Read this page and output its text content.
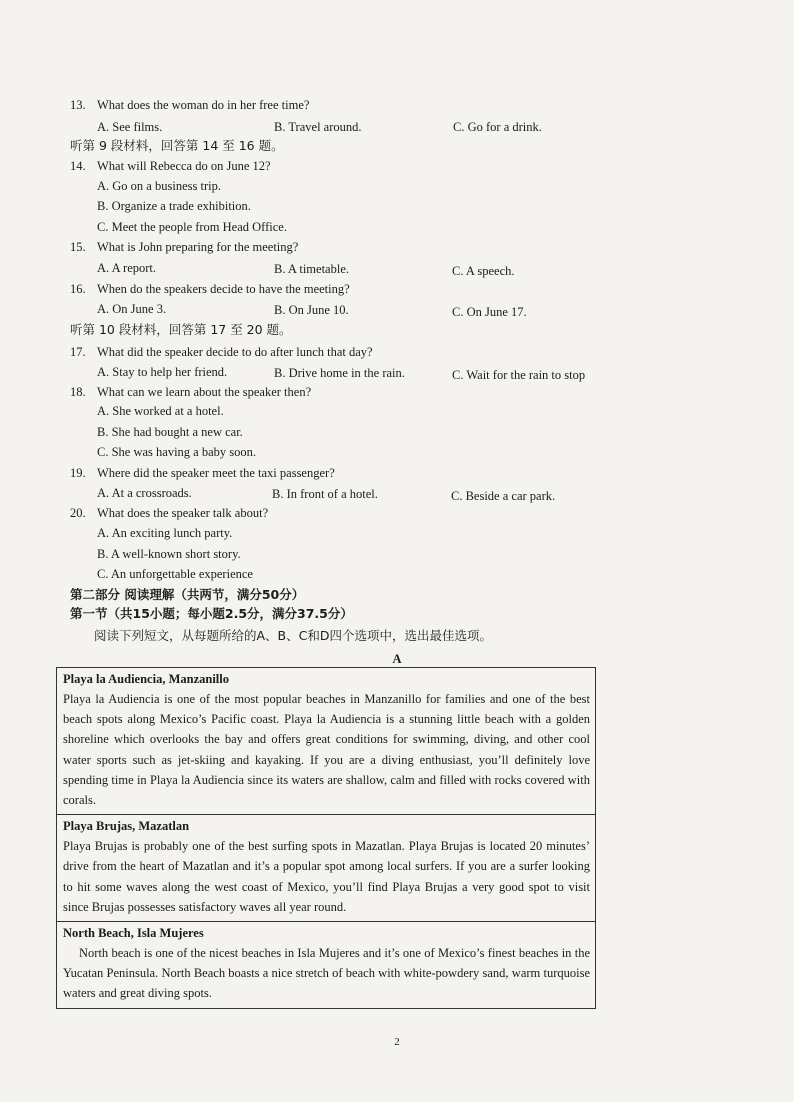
13. What does the woman do in her free time?
A. See films.	B. Travel around.	C. Go for a drink.
听第 9 段材料，回答第 14 至 16 题。
14. What will Rebecca do on June 12?
A. Go on a business trip.
B. Organize a trade exhibition.
C. Meet the people from Head Office.
15. What is John preparing for the meeting?
A. A report.	B. A timetable.	C. A speech.
16. When do the speakers decide to have the meeting?
A. On June 3.	B. On June 10.	C. On June 17.
听第 10 段材料，回答第 17 至 20 题。
17. What did the speaker decide to do after lunch that day?
A. Stay to help her friend.	B. Drive home in the rain.	C. Wait for the rain to stop
18. What can we learn about the speaker then?
A. She worked at a hotel.
B. She had bought a new car.
C. She was having a baby soon.
19. Where did the speaker meet the taxi passenger?
A. At a crossroads.	B. In front of a hotel.	C. Beside a car park.
20. What does the speaker talk about?
A. An exciting lunch party.
B. A well-known short story.
C. An unforgettable experience
第二部分 阅读理解（共两节，满分50分）
第一节（共15小题；每小题2.5分，满分37.5分）
阅读下列短文，从每题所给的A、B、C和D四个选项中，选出最佳选项。
A
Playa la Audiencia, Manzanillo

Playa la Audiencia is one of the most popular beaches in Manzanillo for families and one of the best beach spots along Mexico’s Pacific coast. Playa la Audiencia is a stunning little beach with a golden shoreline which overlooks the bay and offers great conditions for swimming, diving, and other cool water sports such as jet-skiing and kayaking. If you are a diving enthusiast, you’ll definitely love spending time in Playa la Audiencia since its waters are shallow, calm and filled with rocks covered with corals.

Playa Brujas, Mazatlan

Playa Brujas is probably one of the best surfing spots in Mazatlan. Playa Brujas is located 20 minutes’ drive from the heart of Mazatlan and it’s a popular spot among local surfers. If you are a surfer looking to hit some waves along the west coast of Mexico, you’ll find Playa Brujas a very good spot to visit since Brujas possesses satisfactory waves all year round.

North Beach, Isla Mujeres

North beach is one of the nicest beaches in Isla Mujeres and it’s one of Mexico’s finest beaches in the Yucatan Peninsula. North Beach boasts a nice stretch of beach with white-powdery sand, warm turquoise waters and great diving spots.

2
